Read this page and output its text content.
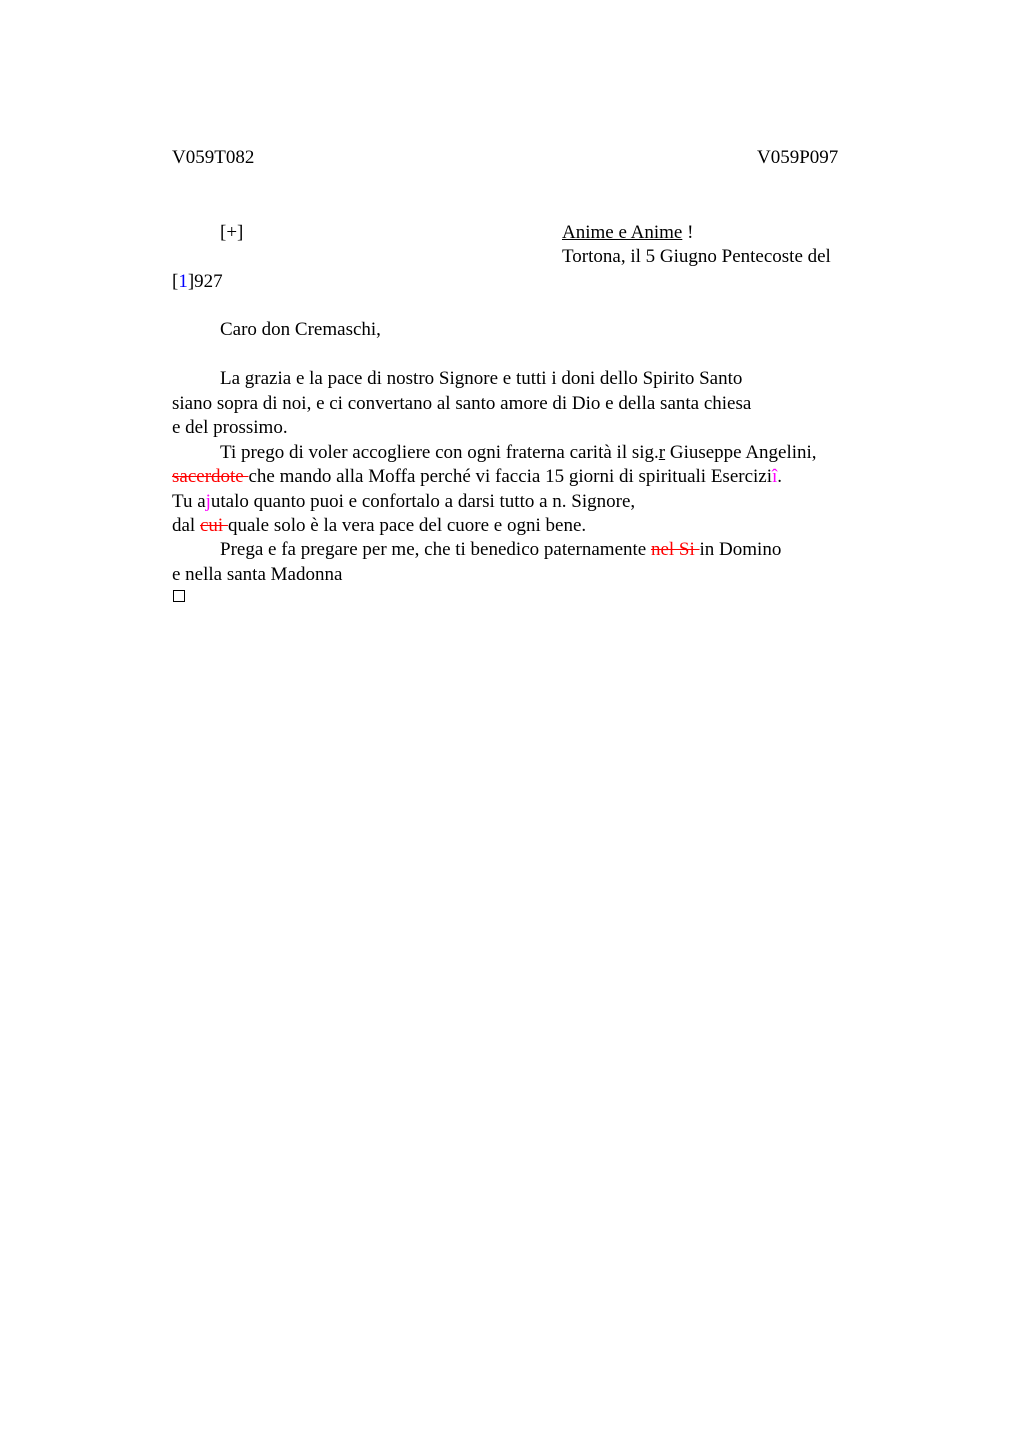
V059T082	V059P097
[+]	Anime e Anime !
Tortona, il 5 Giugno Pentecoste del
[1]927
Caro don Cremaschi,
La grazia e la pace di nostro Signore e tutti i doni dello Spirito Santo
siano sopra di noi, e ci convertano al santo amore di Dio e della santa chiesa
e del prossimo.
Ti prego di voler accogliere con ogni fraterna carità il sig.r Giuseppe Angelini,
sacerdote che mando alla Moffa perché vi faccia 15 giorni di spirituali Eserciziî.
Tu ajutalo quanto puoi e confortalo a darsi tutto a n. Signore,
dal cui quale solo è la vera pace del cuore e ogni bene.
Prega e fa pregare per me, che ti benedico paternamente nel Si in Domino
e nella santa Madonna
